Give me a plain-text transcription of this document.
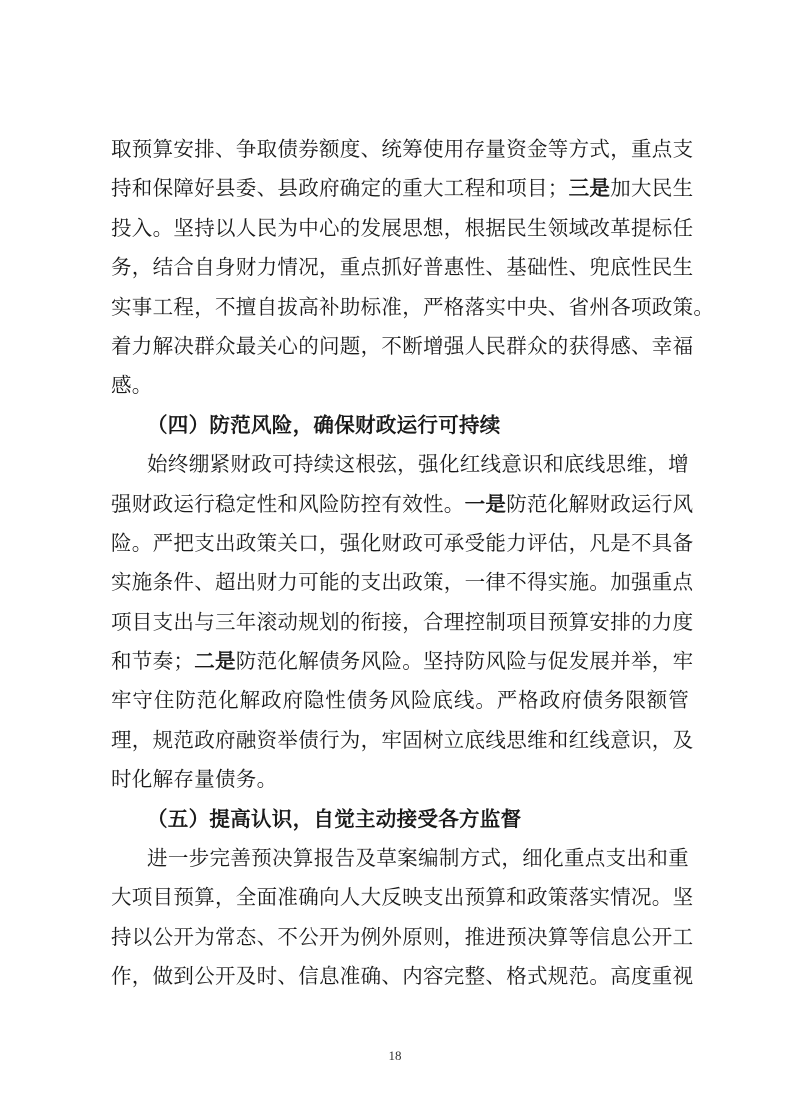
取预算安排、争取债券额度、统筹使用存量资金等方式，重点支
持和保障好县委、县政府确定的重大工程和项目；三是加大民生
投入。坚持以人民为中心的发展思想，根据民生领域改革提标任
务，结合自身财力情况，重点抓好普惠性、基础性、兜底性民生
实事工程，不擅自拔高补助标准，严格落实中央、省州各项政策。
着力解决群众最关心的问题，不断增强人民群众的获得感、幸福
感。
（四）防范风险，确保财政运行可持续
始终绷紧财政可持续这根弦，强化红线意识和底线思维，增
强财政运行稳定性和风险防控有效性。一是防范化解财政运行风
险。严把支出政策关口，强化财政可承受能力评估，凡是不具备
实施条件、超出财力可能的支出政策，一律不得实施。加强重点
项目支出与三年滚动规划的衔接，合理控制项目预算安排的力度
和节奏；二是防范化解债务风险。坚持防风险与促发展并举，牢
牢守住防范化解政府隐性债务风险底线。严格政府债务限额管
理，规范政府融资举债行为，牢固树立底线思维和红线意识，及
时化解存量债务。
（五）提高认识，自觉主动接受各方监督
进一步完善预决算报告及草案编制方式，细化重点支出和重
大项目预算，全面准确向人大反映支出预算和政策落实情况。坚
持以公开为常态、不公开为例外原则，推进预决算等信息公开工
作，做到公开及时、信息准确、内容完整、格式规范。高度重视
18
